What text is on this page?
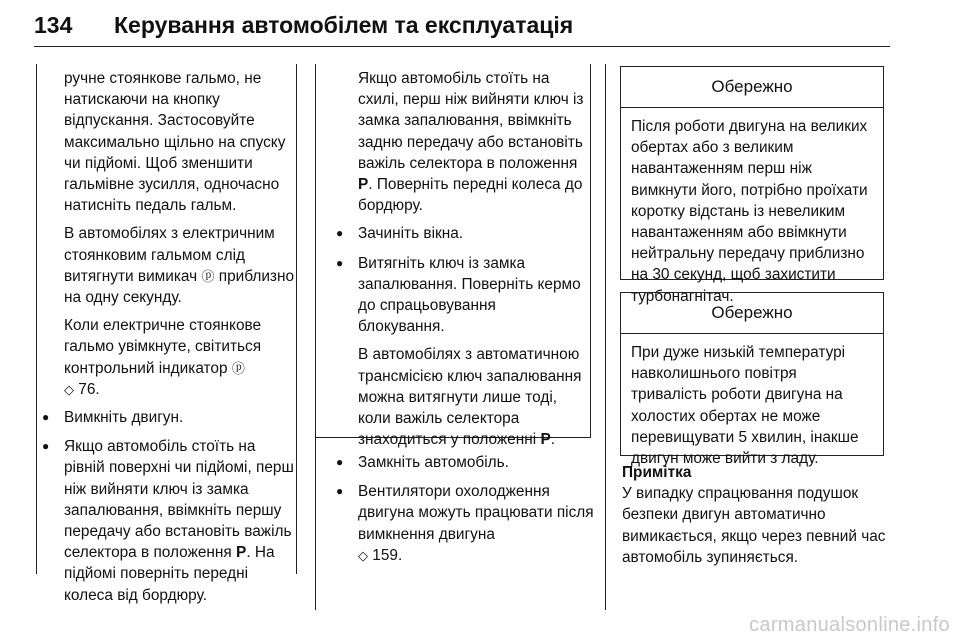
134 Керування автомобілем та експлуатація

ручне стоянкове гальмо, не натискаючи на кнопку відпускання. Застосовуйте максимально щільно на спуску чи підйомі. Щоб зменшити гальмівне зусилля, одночасно натисніть педаль гальм.

В автомобілях з електричним стоянковим гальмом слід витягнути вимикач ⓟ приблизно на одну секунду.

Коли електричне стоянкове гальмо увімкнуте, світиться контрольний індикатор ⓟ
◇ 76.

● Вимкніть двигун.
● Якщо автомобіль стоїть на рівній поверхні чи підйомі, перш ніж вийняти ключ із замка запалювання, ввімкніть першу передачу або встановіть важіль селектора в положення P. На підйомі поверніть передні колеса від бордюру.

Якщо автомобіль стоїть на схилі, перш ніж вийняти ключ із замка запалювання, ввімкніть задню передачу або встановіть важіль селектора в положення P. Поверніть передні колеса до бордюру.

● Зачиніть вікна.
● Витягніть ключ із замка запалювання. Поверніть кермо до спрацьовування блокування.

В автомобілях з автоматичною трансмісією ключ запалювання можна витягнути лише тоді, коли важіль селектора знаходиться у положенні P.

● Замкніть автомобіль.
● Вентилятори охолодження двигуна можуть працювати після вимкнення двигуна
◇ 159.
Обережно
Після роботи двигуна на великих обертах або з великим навантаженням перш ніж вимкнути його, потрібно проїхати коротку відстань із невеликим навантаженням або ввімкнути нейтральну передачу приблизно на 30 секунд, щоб захистити турбонагнітач.
Обережно
При дуже низькій температурі навколишнього повітря тривалість роботи двигуна на холостих обертах не може перевищувати 5 хвилин, інакше двигун може вийти з ладу.

Примітка

У випадку спрацювання подушок безпеки двигун автоматично вимикається, якщо через певний час автомобіль зупиняється.

carmanualsonline.info
